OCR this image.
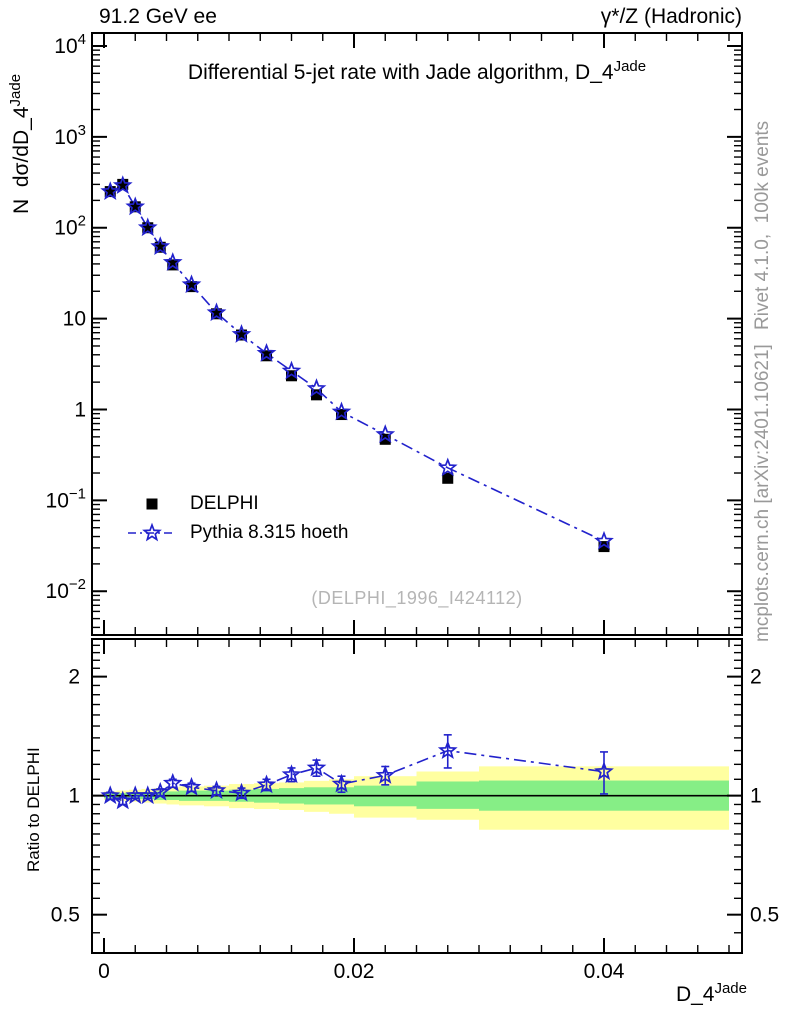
0	0.02	0.04
$10^4$
$10^3$
$10^2$
10
1
$10^{-1}$
$10^{-2}$
2	2
1	1
0.5	0.5
91.2 GeV ee	γ*/Z (Hadronic)
Differential 5-jet rate with Jade algorithm, $D\_4^{Jade}$
N  $d\sigma/dD\_4^{Jade}$
Ratio to DELPHI
Rivet 4.1.0,  100k events
mcplots.cern.ch [arXiv:2401.10621]
DELPHI
Pythia 8.315 hoeth
(DELPHI_1996_I424112)
$D\_4^{Jade}$
